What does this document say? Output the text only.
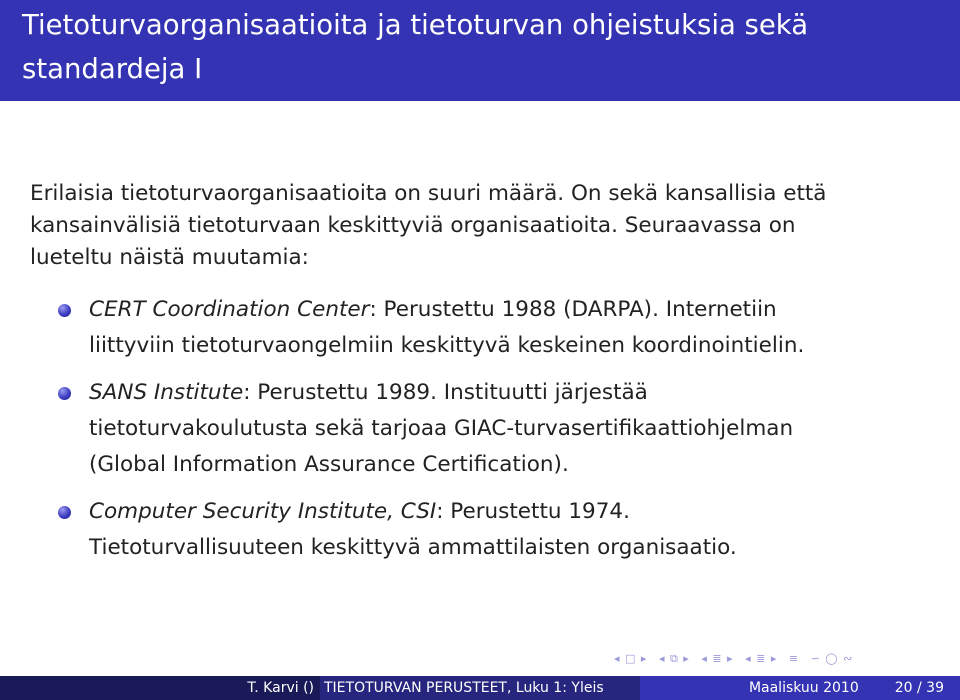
Tietoturvaorganisaatioita ja tietoturvan ohjeistuksia sekä
standardeja I
Erilaisia tietoturvaorganisaatioita on suuri määrä. On sekä kansallisia että
kansainvälisiä tietoturvaan keskittyviä organisaatioita. Seuraavassa on
lueteltu näistä muutamia:
CERT Coordination Center: Perustettu 1988 (DARPA). Internetiin
liittyviin tietoturvaongelmiin keskittyvä keskeinen koordinointielin.
SANS Institute: Perustettu 1989. Instituutti järjestää
tietoturvakoulutusta sekä tarjoaa GIAC-turvasertifikaattiohjelman
(Global Information Assurance Certification).
Computer Security Institute, CSI: Perustettu 1974.
Tietoturvallisuuteen keskittyvä ammattilaisten organisaatio.
◂ □ ▸ ◂ ⧉ ▸ ◂ ≣ ▸ ◂ ≣ ▸ ≡ ∽ ◯ ∾
T. Karvi () TIETOTURVAN PERUSTEET, Luku 1: Yleis	Maaliskuu 2010	20 / 39
